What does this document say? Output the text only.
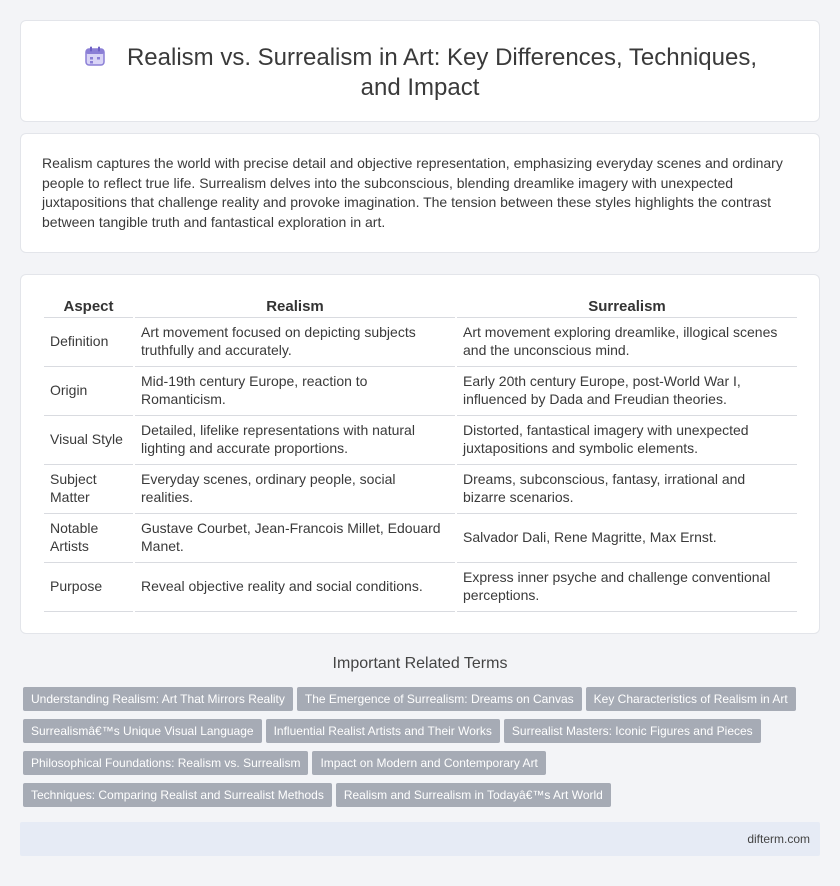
Realism vs. Surrealism in Art: Key Differences, Techniques, and Impact

Realism captures the world with precise detail and objective representation, emphasizing everyday scenes and ordinary people to reflect true life. Surrealism delves into the subconscious, blending dreamlike imagery with unexpected juxtapositions that challenge reality and provoke imagination. The tension between these styles highlights the contrast between tangible truth and fantastical exploration in art.

Aspect	Realism	Surrealism
Definition	Art movement focused on depicting subjects truthfully and accurately.	Art movement exploring dreamlike, illogical scenes and the unconscious mind.
Origin	Mid-19th century Europe, reaction to Romanticism.	Early 20th century Europe, post-World War I, influenced by Dada and Freudian theories.
Visual Style	Detailed, lifelike representations with natural lighting and accurate proportions.	Distorted, fantastical imagery with unexpected juxtapositions and symbolic elements.
Subject Matter	Everyday scenes, ordinary people, social realities.	Dreams, subconscious, fantasy, irrational and bizarre scenarios.
Notable Artists	Gustave Courbet, Jean-Francois Millet, Edouard Manet.	Salvador Dali, Rene Magritte, Max Ernst.
Purpose	Reveal objective reality and social conditions.	Express inner psyche and challenge conventional perceptions.
Important Related Terms
Understanding Realism: Art That Mirrors Reality The Emergence of Surrealism: Dreams on Canvas Key Characteristics of Realism in Art
Surrealismâ€™s Unique Visual Language Influential Realist Artists and Their Works Surrealist Masters: Iconic Figures and Pieces
Philosophical Foundations: Realism vs. Surrealism Impact on Modern and Contemporary Art
Techniques: Comparing Realist and Surrealist Methods Realism and Surrealism in Todayâ€™s Art World
difterm.com
